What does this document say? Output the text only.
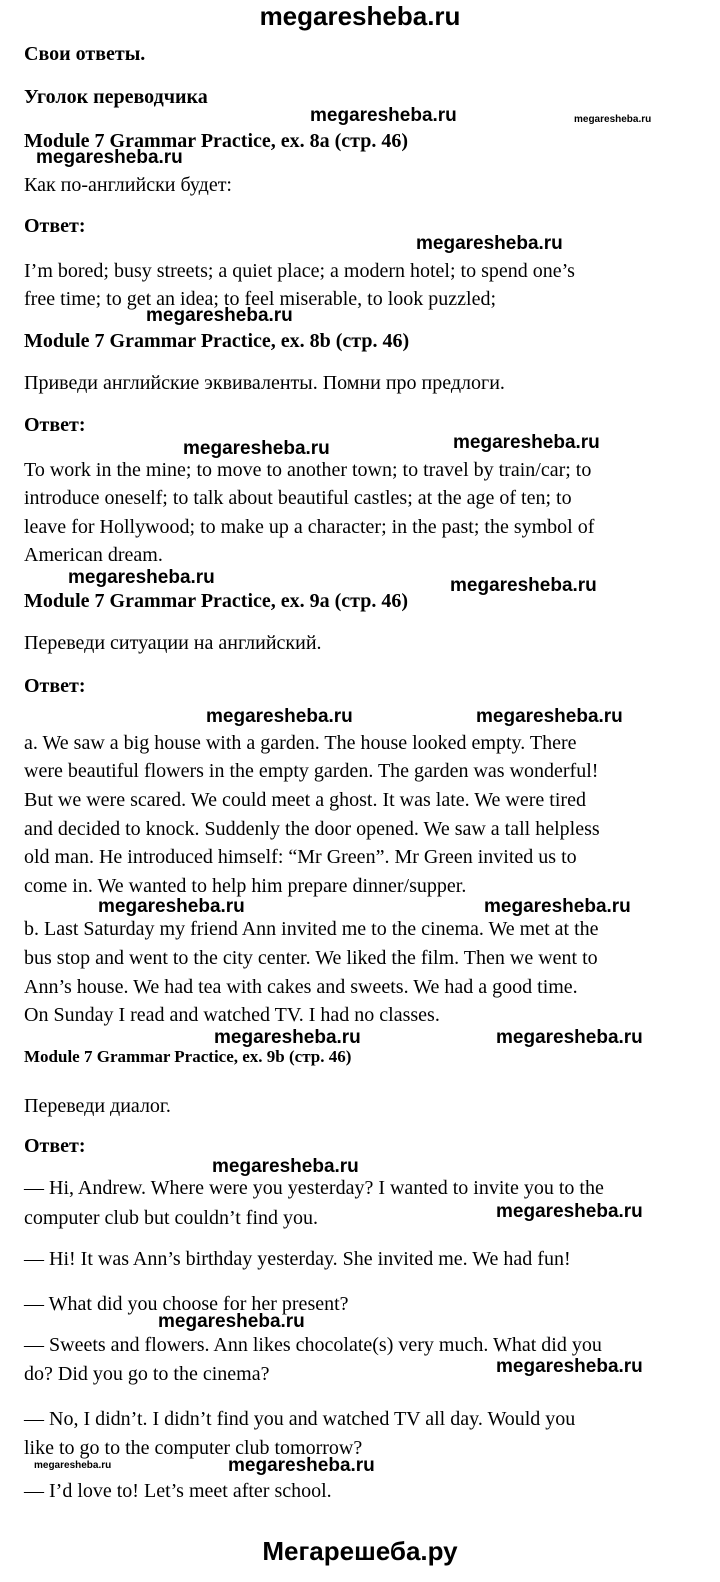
megaresheba.ru
Свои ответы.
Уголок переводчика
Module 7 Grammar Practice, ex. 8a (стр. 46)
Как по-английски будет:
Ответ:
I’m bored; busy streets; a quiet place; a modern hotel; to spend one’s
free time; to get an idea; to feel miserable, to look puzzled;
Module 7 Grammar Practice, ex. 8b (стр. 46)
Приведи английские эквиваленты. Помни про предлоги.
Ответ:
To work in the mine; to move to another town; to travel by train/car; to
introduce oneself; to talk about beautiful castles; at the age of ten; to
leave for Hollywood; to make up a character; in the past; the symbol of
American dream.
Module 7 Grammar Practice, ex. 9a (стр. 46)
Переведи ситуации на английский.
Ответ:
a. We saw a big house with a garden. The house looked empty. There
were beautiful flowers in the empty garden. The garden was wonderful!
But we were scared. We could meet a ghost. It was late. We were tired
and decided to knock. Suddenly the door opened. We saw a tall helpless
old man. He introduced himself: “Mr Green”. Mr Green invited us to
come in. We wanted to help him prepare dinner/supper.
b. Last Saturday my friend Ann invited me to the cinema. We met at the
bus stop and went to the city center. We liked the film. Then we went to
Ann’s house. We had tea with cakes and sweets. We had a good time.
On Sunday I read and watched TV. I had no classes.
Module 7 Grammar Practice, ex. 9b (стр. 46)
Переведи диалог.
Ответ:
— Hi, Andrew. Where were you yesterday? I wanted to invite you to the
computer club but couldn’t find you.
— Hi! It was Ann’s birthday yesterday. She invited me. We had fun!
— What did you choose for her present?
— Sweets and flowers. Ann likes chocolate(s) very much. What did you
do? Did you go to the cinema?
— No, I didn’t. I didn’t find you and watched TV all day. Would you
like to go to the computer club tomorrow?
— I’d love to! Let’s meet after school.
megaresheba.ru	megaresheba.ru
megaresheba.ru
megaresheba.ru
megaresheba.ru
megaresheba.ru	megaresheba.ru
megaresheba.ru	megaresheba.ru
megaresheba.ru	megaresheba.ru
megaresheba.ru	megaresheba.ru
megaresheba.ru	megaresheba.ru
megaresheba.ru
megaresheba.ru
megaresheba.ru
megaresheba.ru
megaresheba.ru	megaresheba.ru
Мегарешеба.ру
